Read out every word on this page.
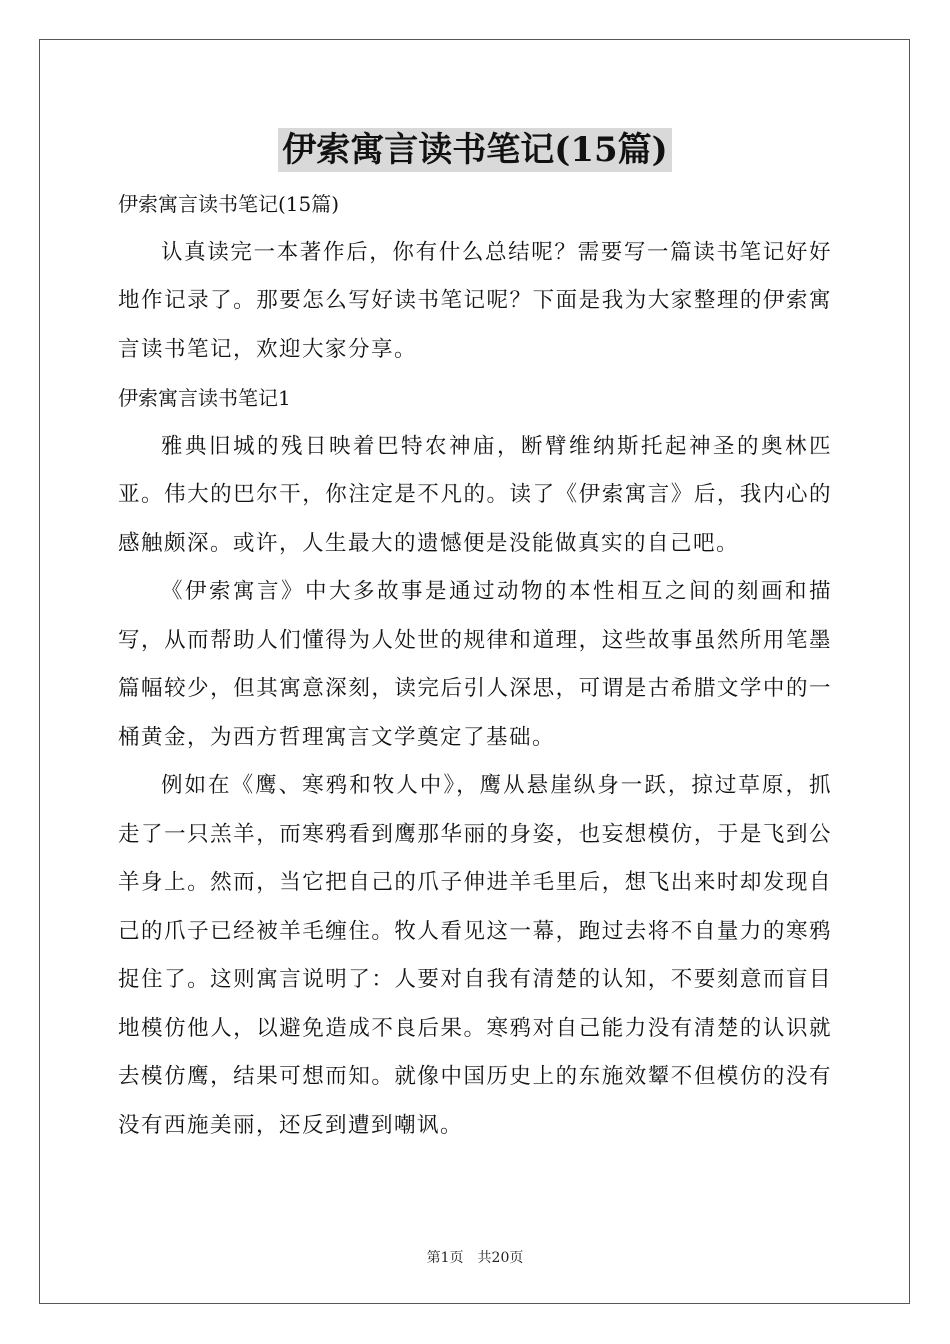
伊索寓言读书笔记(15篇)

伊索寓言读书笔记(15篇)

认真读完一本著作后，你有什么总结呢？需要写一篇读书笔记好好地作记录了。那要怎么写好读书笔记呢？下面是我为大家整理的伊索寓言读书笔记，欢迎大家分享。

伊索寓言读书笔记1

雅典旧城的残日映着巴特农神庙，断臂维纳斯托起神圣的奥林匹亚。伟大的巴尔干，你注定是不凡的。读了《伊索寓言》后，我内心的感触颇深。或许，人生最大的遗憾便是没能做真实的自己吧。

《伊索寓言》中大多故事是通过动物的本性相互之间的刻画和描写，从而帮助人们懂得为人处世的规律和道理，这些故事虽然所用笔墨篇幅较少，但其寓意深刻，读完后引人深思，可谓是古希腊文学中的一桶黄金，为西方哲理寓言文学奠定了基础。

例如在《鹰、寒鸦和牧人中》，鹰从悬崖纵身一跃，掠过草原，抓走了一只羔羊，而寒鸦看到鹰那华丽的身姿，也妄想模仿，于是飞到公羊身上。然而，当它把自己的爪子伸进羊毛里后，想飞出来时却发现自己的爪子已经被羊毛缠住。牧人看见这一幕，跑过去将不自量力的寒鸦捉住了。这则寓言说明了：人要对自我有清楚的认知，不要刻意而盲目地模仿他人，以避免造成不良后果。寒鸦对自己能力没有清楚的认识就去模仿鹰，结果可想而知。就像中国历史上的东施效颦不但模仿的没有没有西施美丽，还反到遭到嘲讽。

第1页 共20页
